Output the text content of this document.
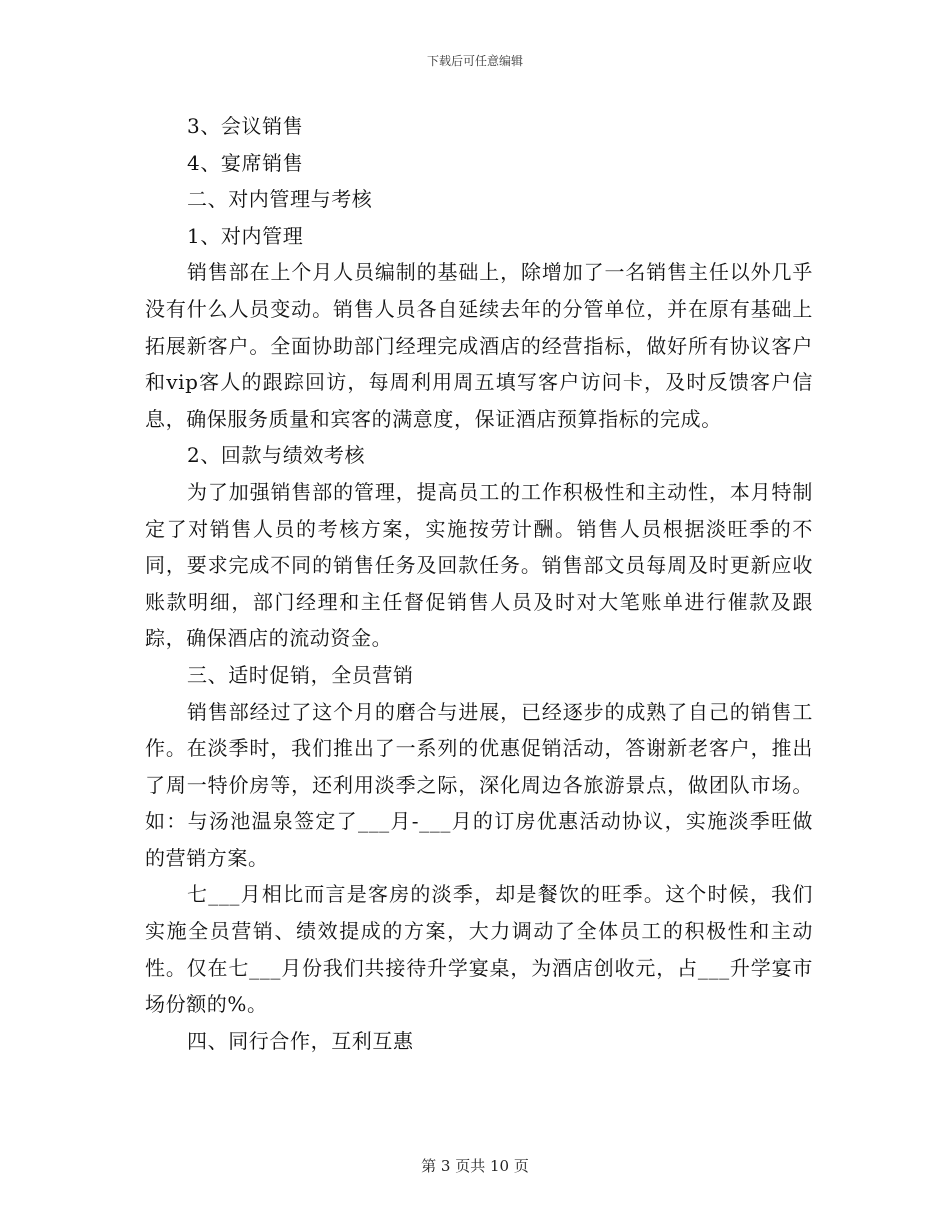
下载后可任意编辑

3、会议销售

4、宴席销售

二、对内管理与考核

1、对内管理

销售部在上个月人员编制的基础上，除增加了一名销售主任以外几乎没有什么人员变动。销售人员各自延续去年的分管单位，并在原有基础上拓展新客户。全面协助部门经理完成酒店的经营指标，做好所有协议客户和vip客人的跟踪回访，每周利用周五填写客户访问卡，及时反馈客户信息，确保服务质量和宾客的满意度，保证酒店预算指标的完成。

2、回款与绩效考核

为了加强销售部的管理，提高员工的工作积极性和主动性，本月特制定了对销售人员的考核方案，实施按劳计酬。销售人员根据淡旺季的不同，要求完成不同的销售任务及回款任务。销售部文员每周及时更新应收账款明细，部门经理和主任督促销售人员及时对大笔账单进行催款及跟踪，确保酒店的流动资金。

三、适时促销，全员营销

销售部经过了这个月的磨合与进展，已经逐步的成熟了自己的销售工作。在淡季时，我们推出了一系列的优惠促销活动，答谢新老客户，推出了周一特价房等，还利用淡季之际，深化周边各旅游景点，做团队市场。如：与汤池温泉签定了___月-___月的订房优惠活动协议，实施淡季旺做的营销方案。

七___月相比而言是客房的淡季，却是餐饮的旺季。这个时候，我们实施全员营销、绩效提成的方案，大力调动了全体员工的积极性和主动性。仅在七___月份我们共接待升学宴桌，为酒店创收元，占___升学宴市场份额的%。

四、同行合作，互利互惠

第 3 页共 10 页
